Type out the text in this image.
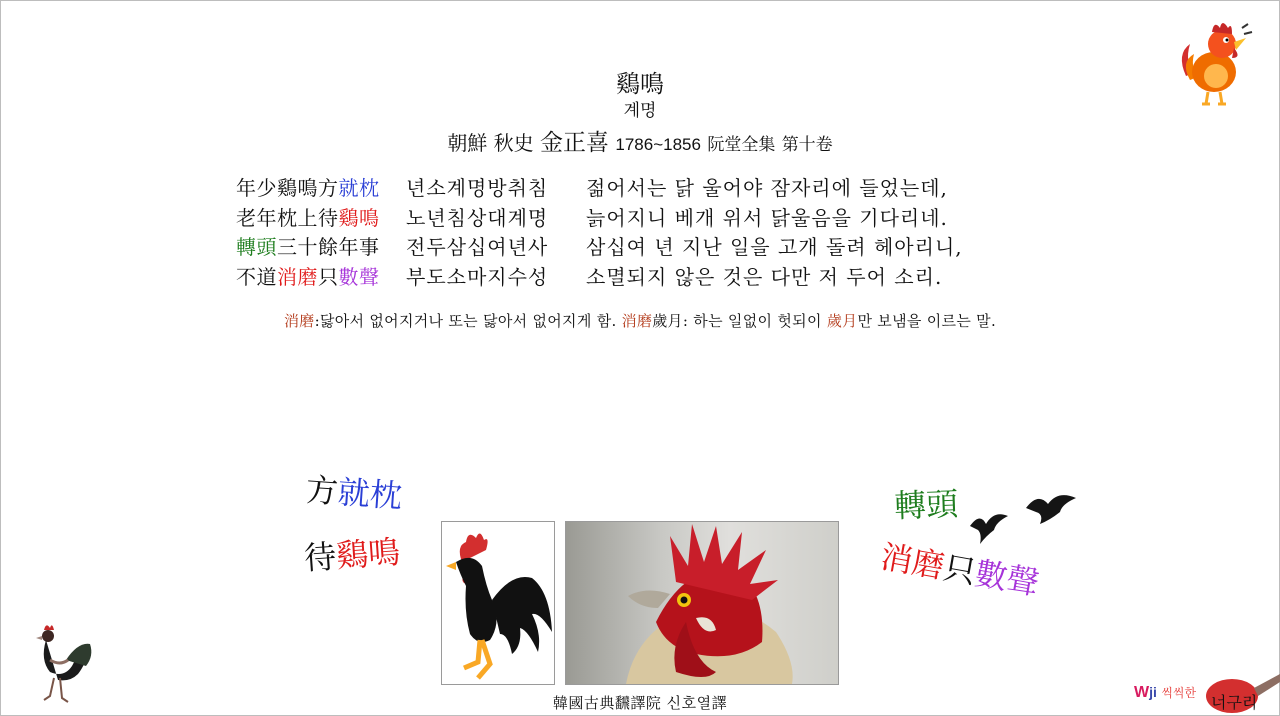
鷄鳴
계명
朝鮮 秋史 金正喜 1786~1856 阮堂全集 第十卷
年少鷄鳴方就枕	년소계명방취침	젊어서는 닭 울어야 잠자리에 들었는데,
老年枕上待鷄鳴	노년침상대계명	늙어지니 베개 위서 닭울음을 기다리네.
轉頭三十餘年事	전두삼십여년사	삼십여 년 지난 일을 고개 돌려 헤아리니,
不道消磨只數聲	부도소마지수성	소멸되지 않은 것은 다만 저 두어 소리.
消磨:닳아서 없어지거나 또는 닳아서 없어지게 함. 消磨歲月: 하는 일없이 헛되이 歲月만 보냄을 이르는 말.
方就枕
待鷄鳴
轉頭
消磨只數聲
韓國古典飜譯院 신호열譯
Wji 씩씩한
너구리
